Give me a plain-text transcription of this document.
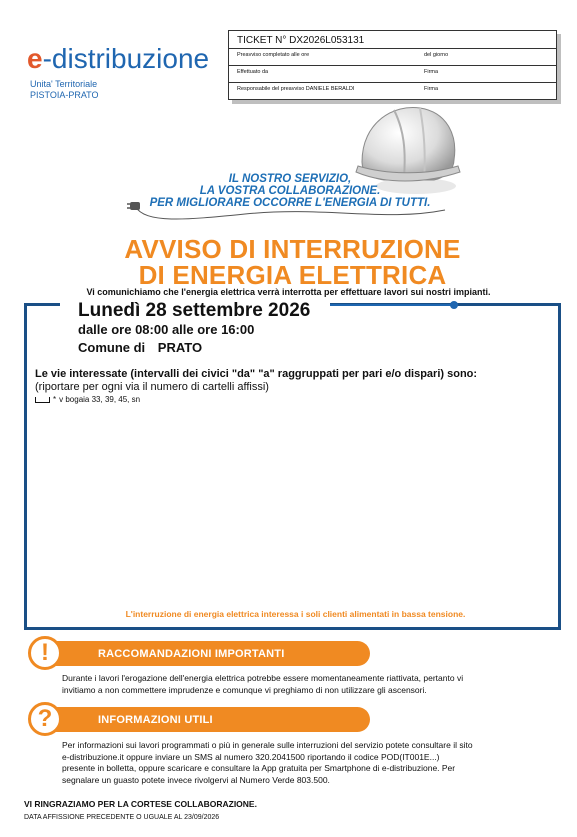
e-distribuzione
Unita' Territoriale
PISTOIA-PRATO
TICKET N° DX2026L053131
Preavviso completato alle ore	del giorno
Effettuato da	Firma
Responsabile del preavviso DANIELE BERALDI	Firma
IL NOSTRO SERVIZIO,
LA VOSTRA COLLABORAZIONE.
PER MIGLIORARE OCCORRE L'ENERGIA DI TUTTI.
AVVISO DI INTERRUZIONE
DI ENERGIA ELETTRICA
Vi comunichiamo che l'energia elettrica verrà interrotta per effettuare lavori sui nostri impianti.
Lunedì 28 settembre 2026
dalle ore 08:00 alle ore 16:00
Comune di PRATO
Le vie interessate (intervalli dei civici "da" "a" raggruppati per pari e/o dispari) sono:
(riportare per ogni via il numero di cartelli affissi)
* v bogaia 33, 39, 45, sn
L'interruzione di energia elettrica interessa i soli clienti alimentati in bassa tensione.
RACCOMANDAZIONI IMPORTANTI
!
Durante i lavori l'erogazione dell'energia elettrica potrebbe essere momentaneamente riattivata, pertanto vi
invitiamo a non commettere imprudenze e comunque vi preghiamo di non utilizzare gli ascensori.
INFORMAZIONI UTILI
?
Per informazioni sui lavori programmati o più in generale sulle interruzioni del servizio potete consultare il sito
e-distribuzione.it oppure inviare un SMS al numero 320.2041500 riportando il codice POD(IT001E...)
presente in bolletta, oppure scaricare e consultare la App gratuita per Smartphone di e-distribuzione. Per
segnalare un guasto potete invece rivolgervi al Numero Verde 803.500.
VI RINGRAZIAMO PER LA CORTESE COLLABORAZIONE.
DATA AFFISSIONE PRECEDENTE O UGUALE AL 23/09/2026
